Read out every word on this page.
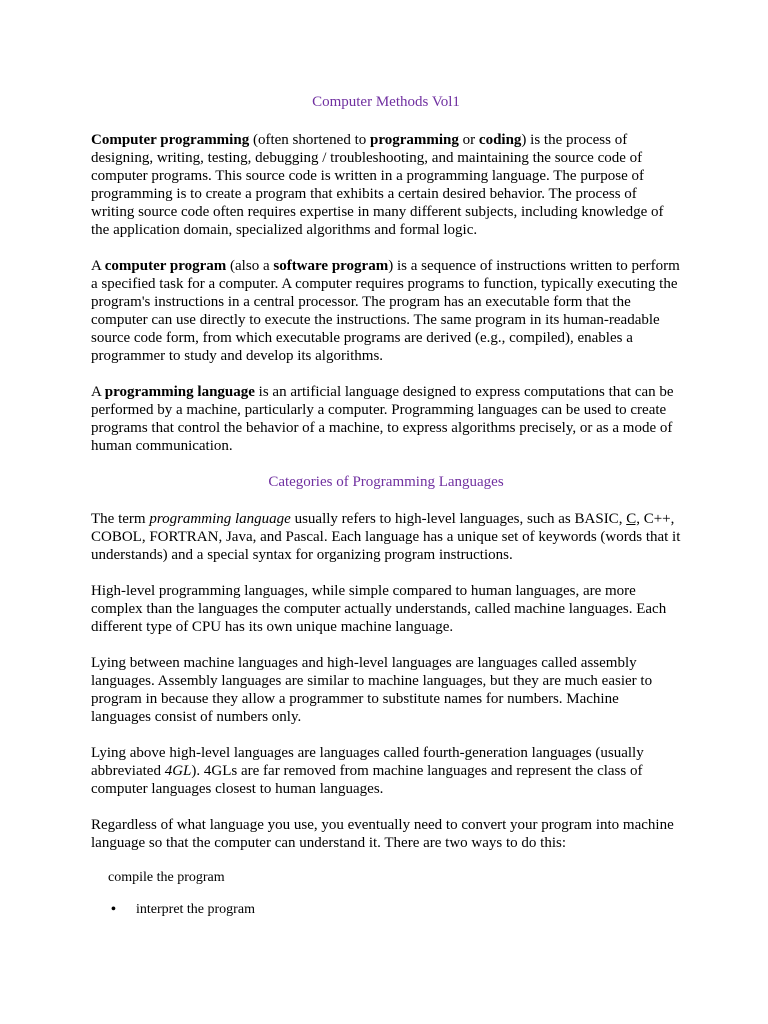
Computer Methods Vol1

Computer programming (often shortened to programming or coding) is the process of designing, writing, testing, debugging / troubleshooting, and maintaining the source code of computer programs. This source code is written in a programming language. The purpose of programming is to create a program that exhibits a certain desired behavior. The process of writing source code often requires expertise in many different subjects, including knowledge of the application domain, specialized algorithms and formal logic.

A computer program (also a software program) is a sequence of instructions written to perform a specified task for a computer. A computer requires programs to function, typically executing the program's instructions in a central processor. The program has an executable form that the computer can use directly to execute the instructions. The same program in its human-readable source code form, from which executable programs are derived (e.g., compiled), enables a programmer to study and develop its algorithms.

A programming language is an artificial language designed to express computations that can be performed by a machine, particularly a computer. Programming languages can be used to create programs that control the behavior of a machine, to express algorithms precisely, or as a mode of human communication.

Categories of Programming Languages

The term programming language usually refers to high-level languages, such as BASIC, C, C++, COBOL, FORTRAN, Java, and Pascal. Each language has a unique set of keywords (words that it understands) and a special syntax for organizing program instructions.

High-level programming languages, while simple compared to human languages, are more complex than the languages the computer actually understands, called machine languages. Each different type of CPU has its own unique machine language.

Lying between machine languages and high-level languages are languages called assembly languages. Assembly languages are similar to machine languages, but they are much easier to program in because they allow a programmer to substitute names for numbers. Machine languages consist of numbers only.

Lying above high-level languages are languages called fourth-generation languages (usually abbreviated 4GL). 4GLs are far removed from machine languages and represent the class of computer languages closest to human languages.

Regardless of what language you use, you eventually need to convert your program into machine language so that the computer can understand it. There are two ways to do this:

compile the program
•	interpret the program
